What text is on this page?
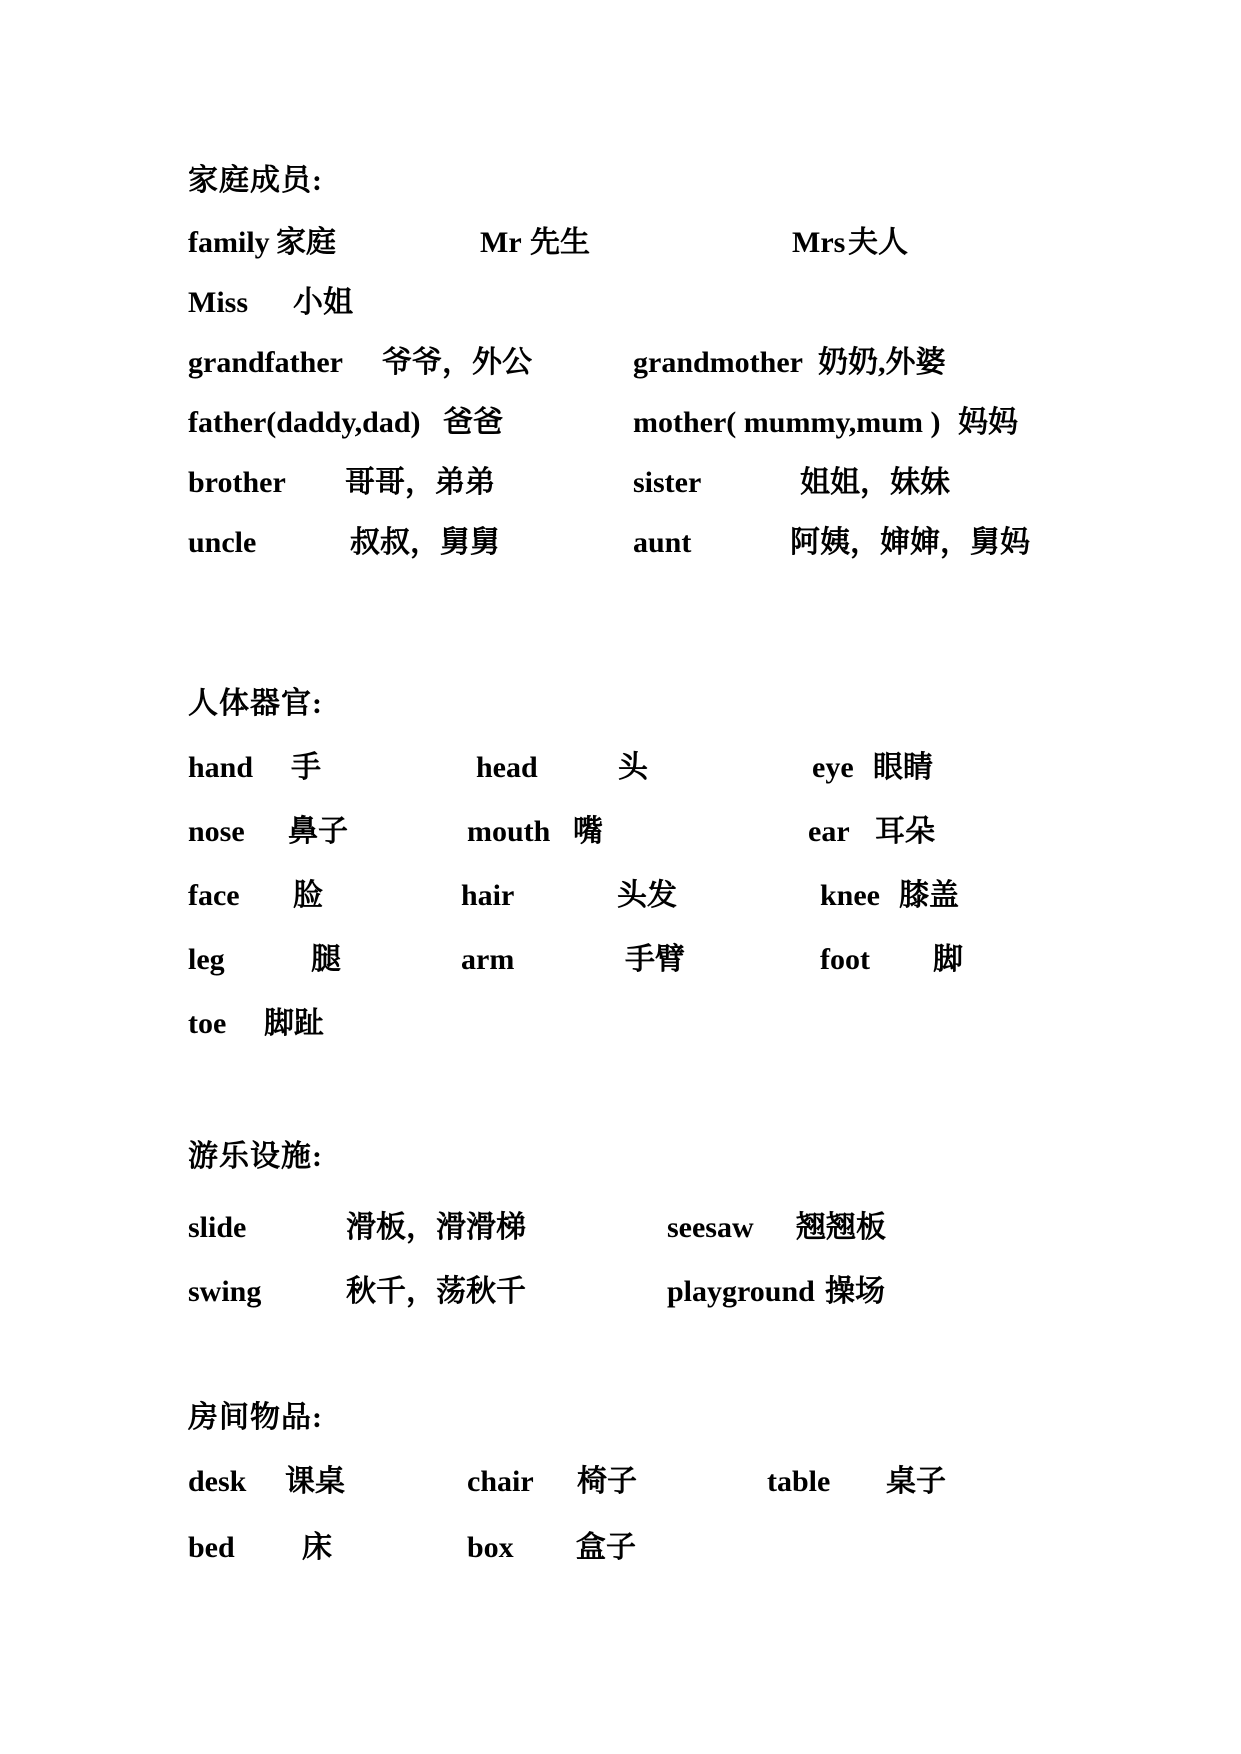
家庭成员:
family 家庭	Mr 先生	Mrs 夫人
Miss 小姐
grandfather 爷爷，外公	grandmother 奶奶,外婆
father(daddy,dad) 爸爸	mother( mummy,mum ) 妈妈
brother 哥哥，弟弟	sister	姐姐，妹妹
uncle	叔叔，舅舅	aunt	阿姨，婶婶，舅妈
人体器官:
hand 手	head	头	eye 眼睛
nose 鼻子	mouth 嘴	ear 耳朵
face 脸	hair	头发	knee 膝盖
leg	腿	arm	手臂	foot 脚
toe 脚趾
游乐设施:
slide	滑板，滑滑梯	seesaw 翘翘板
swing	秋千，荡秋千	playground 操场
房间物品:
desk 课桌	chair 椅子	table 桌子
bed 床	box 盒子
